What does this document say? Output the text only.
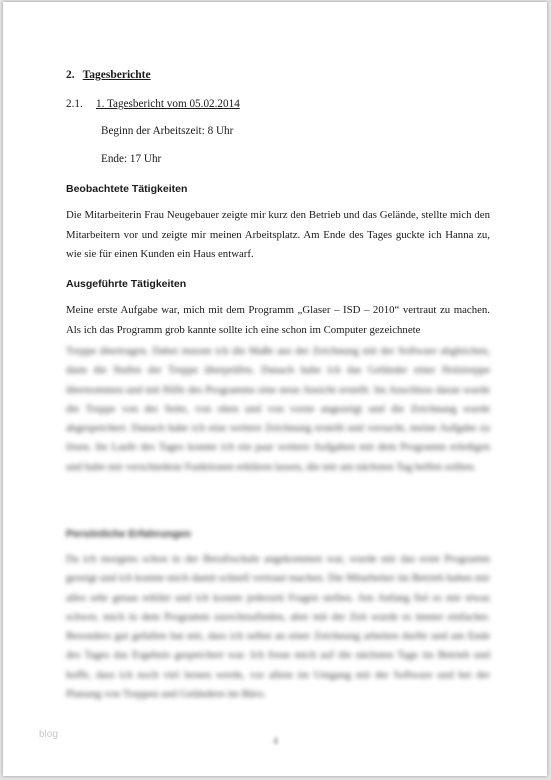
2. Tagesberichte
2.1. 1. Tagesbericht vom 05.02.2014
Beginn der Arbeitszeit: 8 Uhr
Ende: 17 Uhr
Beobachtete Tätigkeiten
Die Mitarbeiterin Frau Neugebauer zeigte mir kurz den Betrieb und das Gelände, stellte mich den Mitarbeitern vor und zeigte mir meinen Arbeitsplatz. Am Ende des Tages guckte ich Hanna zu, wie sie für einen Kunden ein Haus entwarf.
Ausgeführte Tätigkeiten
Meine erste Aufgabe war, mich mit dem Programm „Glaser – ISD – 2010“ vertraut zu machen. Als ich das Programm grob kannte sollte ich eine schon im Computer gezeichnete
Treppe übertragen. Dabei musste ich die Maße aus der Zeichnung mit der Software abgleichen, dann die Stufen der Treppe überprüfen. Danach habe ich das Geländer einer Holztreppe übernommen und mit Hilfe des Programms eine neue Ansicht erstellt. Im Anschluss daran wurde die Treppe von der Seite, von oben und von vorne angezeigt und die Zeichnung wurde abgespeichert. Danach habe ich eine weitere Zeichnung erstellt und versucht, meine Aufgabe zu lösen. Im Laufe des Tages konnte ich ein paar weitere Aufgaben mit dem Programm erledigen und habe mir verschiedene Funktionen erklären lassen, die mir am nächsten Tag helfen sollten.
Persönliche Erfahrungen
Da ich morgens schon in der Berufsschule angekommen war, wurde mir das erste Programm gezeigt und ich konnte mich damit schnell vertraut machen. Die Mitarbeiter im Betrieb haben mir alles sehr genau erklärt und ich konnte jederzeit Fragen stellen. Am Anfang fiel es mir etwas schwer, mich in dem Programm zurechtzufinden, aber mit der Zeit wurde es immer einfacher. Besonders gut gefallen hat mir, dass ich selbst an einer Zeichnung arbeiten durfte und am Ende des Tages das Ergebnis gespeichert war. Ich freue mich auf die nächsten Tage im Betrieb und hoffe, dass ich noch viel lernen werde, vor allem im Umgang mit der Software und bei der Planung von Treppen und Geländern im Büro.
blog
4
